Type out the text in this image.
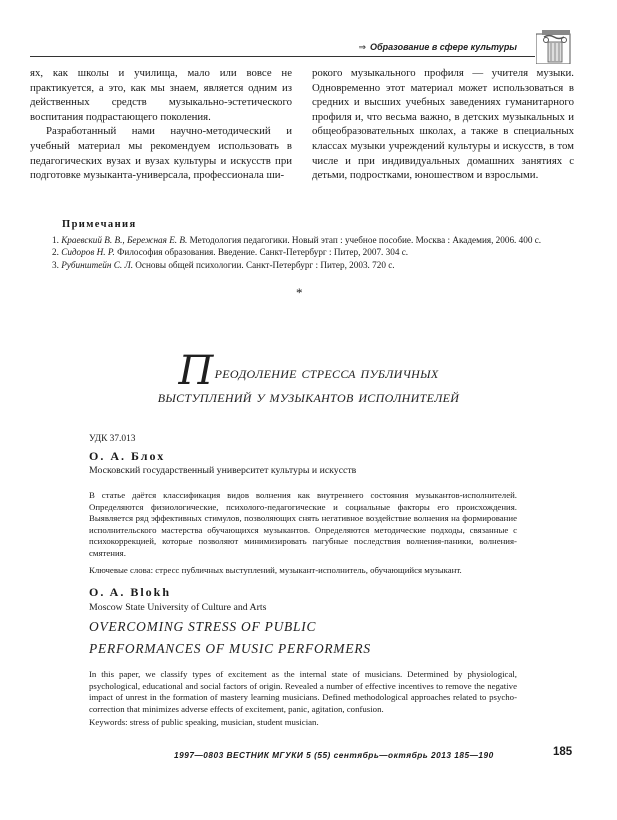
⇒ Образование в сфере культуры

ях, как школы и училища, мало или вовсе не практикуется, а это, как мы знаем, является одним из действенных средств музыкально-эстетического воспитания подрастающего поколения.

Разработанный нами научно-методический и учебный материал мы рекомендуем использовать в педагогических вузах и вузах культуры и искусств при подготовке музыканта-универсала, профессионала ши-

рокого музыкального профиля — учителя музыки. Одновременно этот материал может использоваться в средних и высших учебных заведениях гуманитарного профиля и, что весьма важно, в детских музыкальных и общеобразовательных школах, а также в специальных классах музыки учреждений культуры и искусств, в том числе и при индивидуальных домашних занятиях с детьми, подростками, юношеством и взрослыми.

Примечания

1. Краевский В. В., Бережная Е. В. Методология педагогики. Новый этап : учебное пособие. Москва : Академия, 2006. 400 с.

2. Сидоров Н. Р. Философия образования. Введение. Санкт-Петербург : Питер, 2007. 304 с.

3. Рубинштейн С. Л. Основы общей психологии. Санкт-Петербург : Питер, 2003. 720 с.

*
Преодоление стресса публичных
выступлений у музыкантов исполнителей
УДК 37.013
О. А. Блох
Московский государственный университет культуры и искусств

В статье даётся классификация видов волнения как внутреннего состояния музыкантов-исполнителей. Определяются физиологические, психолого-педагогические и социальные факторы его происхождения. Выявляется ряд эффективных стимулов, позволяющих снять негативное воздействие волнения на формирование исполнительского мастерства обучающихся музыкантов. Определяются методические подходы, связанные с психокоррекцией, которые позволяют минимизировать пагубные последствия волнения-паники, волнения-смятения.

Ключевые слова: стресс публичных выступлений, музыкант-исполнитель, обучающийся музыкант.
O. A. Blokh
Moscow State University of Culture and Arts
OVERCOMING STRESS OF PUBLIC
PERFORMANCES OF MUSIC PERFORMERS

In this paper, we classify types of excitement as the internal state of musicians. Determined by physiological, psychological, educational and social factors of origin. Revealed a number of effective incentives to remove the negative impact of unrest in the formation of mastery learning musicians. Defined methodological approaches related to psycho-correction that minimizes adverse effects of excitement, panic, agitation, confusion.

Keywords: stress of public speaking, musician, student musician.
1997—0803 ВЕСТНИК МГУКИ 5 (55) сентябрь—октябрь 2013 185—190	185
